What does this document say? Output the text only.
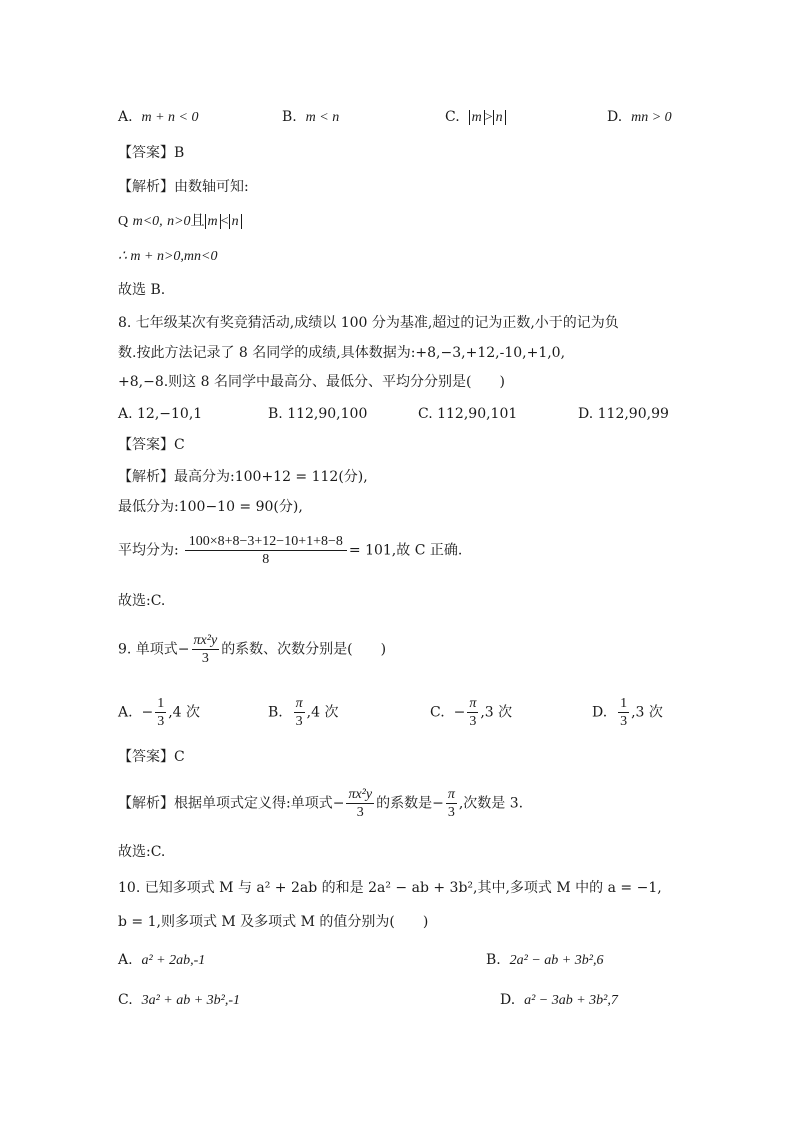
A. m + n < 0	B. m < n	C. m > n	D. mn > 0
【答案】B
【解析】由数轴可知:
Q m<0, n>0且 m < n
∴ m + n>0,mn<0
故选 B.
8. 七年级某次有奖竞猜活动,成绩以 100 分为基准,超过的记为正数,小于的记为负
数.按此方法记录了 8 名同学的成绩,具体数据为:+8,−3,+12,-10,+1,0,
+8,−8.则这 8 名同学中最高分、最低分、平均分分别是(　　)
A. 12,−10,1	B. 112,90,100	C. 112,90,101	D. 112,90,99
【答案】C
【解析】最高分为:100+12 = 112(分),
最低分为:100−10 = 90(分),
平均分为: $\frac{100\times 8+8-3+12-10+1+8-8}{8} = 101$,故 C 正确.
故选:C.
9. 单项式− $\frac{\text{πx²y}}{3}$ 的系数、次数分别是(　　)
A. − $\frac{1}{3} ,4$ 次	B. $\frac{\pi}{3} ,4$ 次	C. − $\frac{\pi}{3} ,3$ 次	D. $\frac{1}{3} ,3$ 次
【答案】C
【解析】根据单项式定义得:单项式− $\frac{\text{πx²y}}{3}$ 的系数是− $\frac{\pi}{3}$ ,次数是 3.
故选:C.
10. 已知多项式 M 与 a² + 2ab 的和是 2a² − ab + 3b²,其中,多项式 M 中的 a = −1,
b = 1,则多项式 M 及多项式 M 的值分别为(　　)
A. a² + 2ab,-1	B. 2a² − ab + 3b²,6
C. 3a² + ab + 3b²,-1	D. a² − 3ab + 3b²,7
